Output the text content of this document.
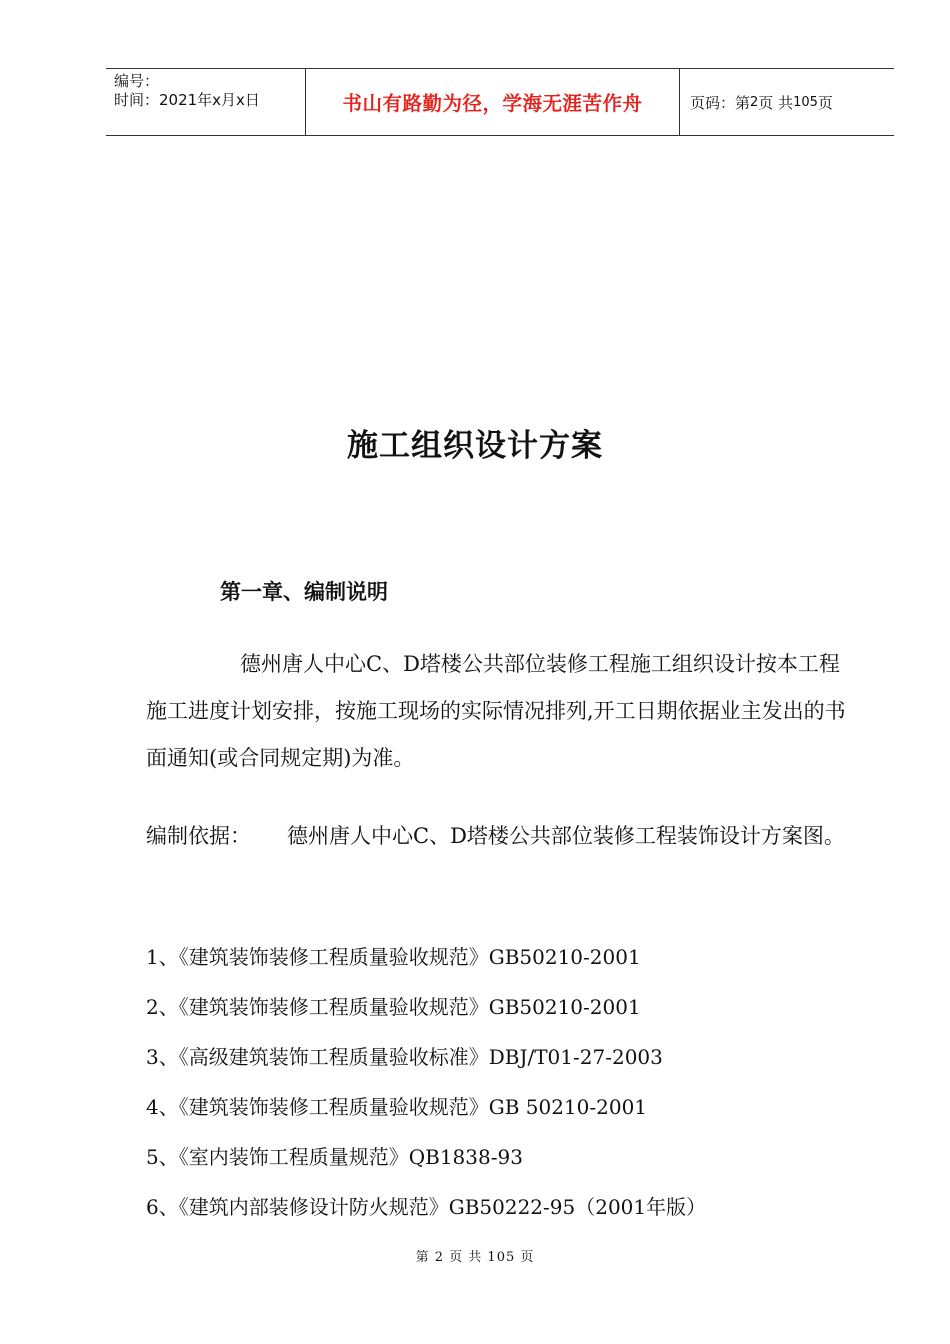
编号：
时间：2021年x月x日	书山有路勤为径，学海无涯苦作舟	页码：第 2 页 共 105 页
施工组织设计方案
第一章、编制说明
德州唐人中心C、D塔楼公共部位装修工程施工组织设计按本工程施工进度计划安排，按施工现场的实际情况排列,开工日期依据业主发出的书面通知(或合同规定期)为准。
编制依据： 德州唐人中心C、D塔楼公共部位装修工程装饰设计方案图。
1、《建筑装饰装修工程质量验收规范》GB50210-2001
2、《建筑装饰装修工程质量验收规范》GB50210-2001
3、《高级建筑装饰工程质量验收标准》DBJ/T01-27-2003
4、《建筑装饰装修工程质量验收规范》GB 50210-2001
5、《室内装饰工程质量规范》QB1838-93
6、《建筑内部装修设计防火规范》GB50222-95（2001年版）
第 2 页 共 105 页
